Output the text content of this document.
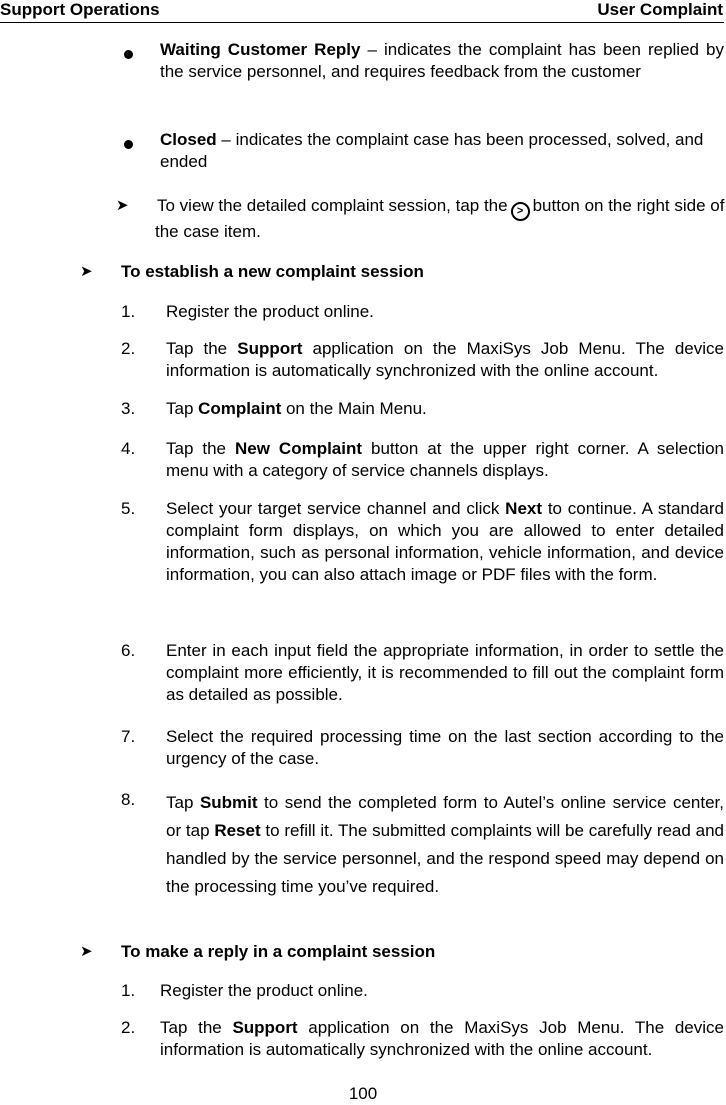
Support Operations	User Complaint
Waiting Customer Reply – indicates the complaint has been replied by the service personnel, and requires feedback from the customer
Closed – indicates the complaint case has been processed, solved, and ended
➤ To view the detailed complaint session, tap the > button on the right side of the case item.
➤ To establish a new complaint session
1. Register the product online.
2. Tap the Support application on the MaxiSys Job Menu. The device information is automatically synchronized with the online account.
3. Tap Complaint on the Main Menu.
4. Tap the New Complaint button at the upper right corner. A selection menu with a category of service channels displays.
5. Select your target service channel and click Next to continue. A standard complaint form displays, on which you are allowed to enter detailed information, such as personal information, vehicle information, and device information, you can also attach image or PDF files with the form.
6. Enter in each input field the appropriate information, in order to settle the complaint more efficiently, it is recommended to fill out the complaint form as detailed as possible.
7. Select the required processing time on the last section according to the urgency of the case.
8. Tap Submit to send the completed form to Autel’s online service center, or tap Reset to refill it. The submitted complaints will be carefully read and handled by the service personnel, and the respond speed may depend on the processing time you’ve required.
➤ To make a reply in a complaint session
1. Register the product online.
2. Tap the Support application on the MaxiSys Job Menu. The device information is automatically synchronized with the online account.
100
